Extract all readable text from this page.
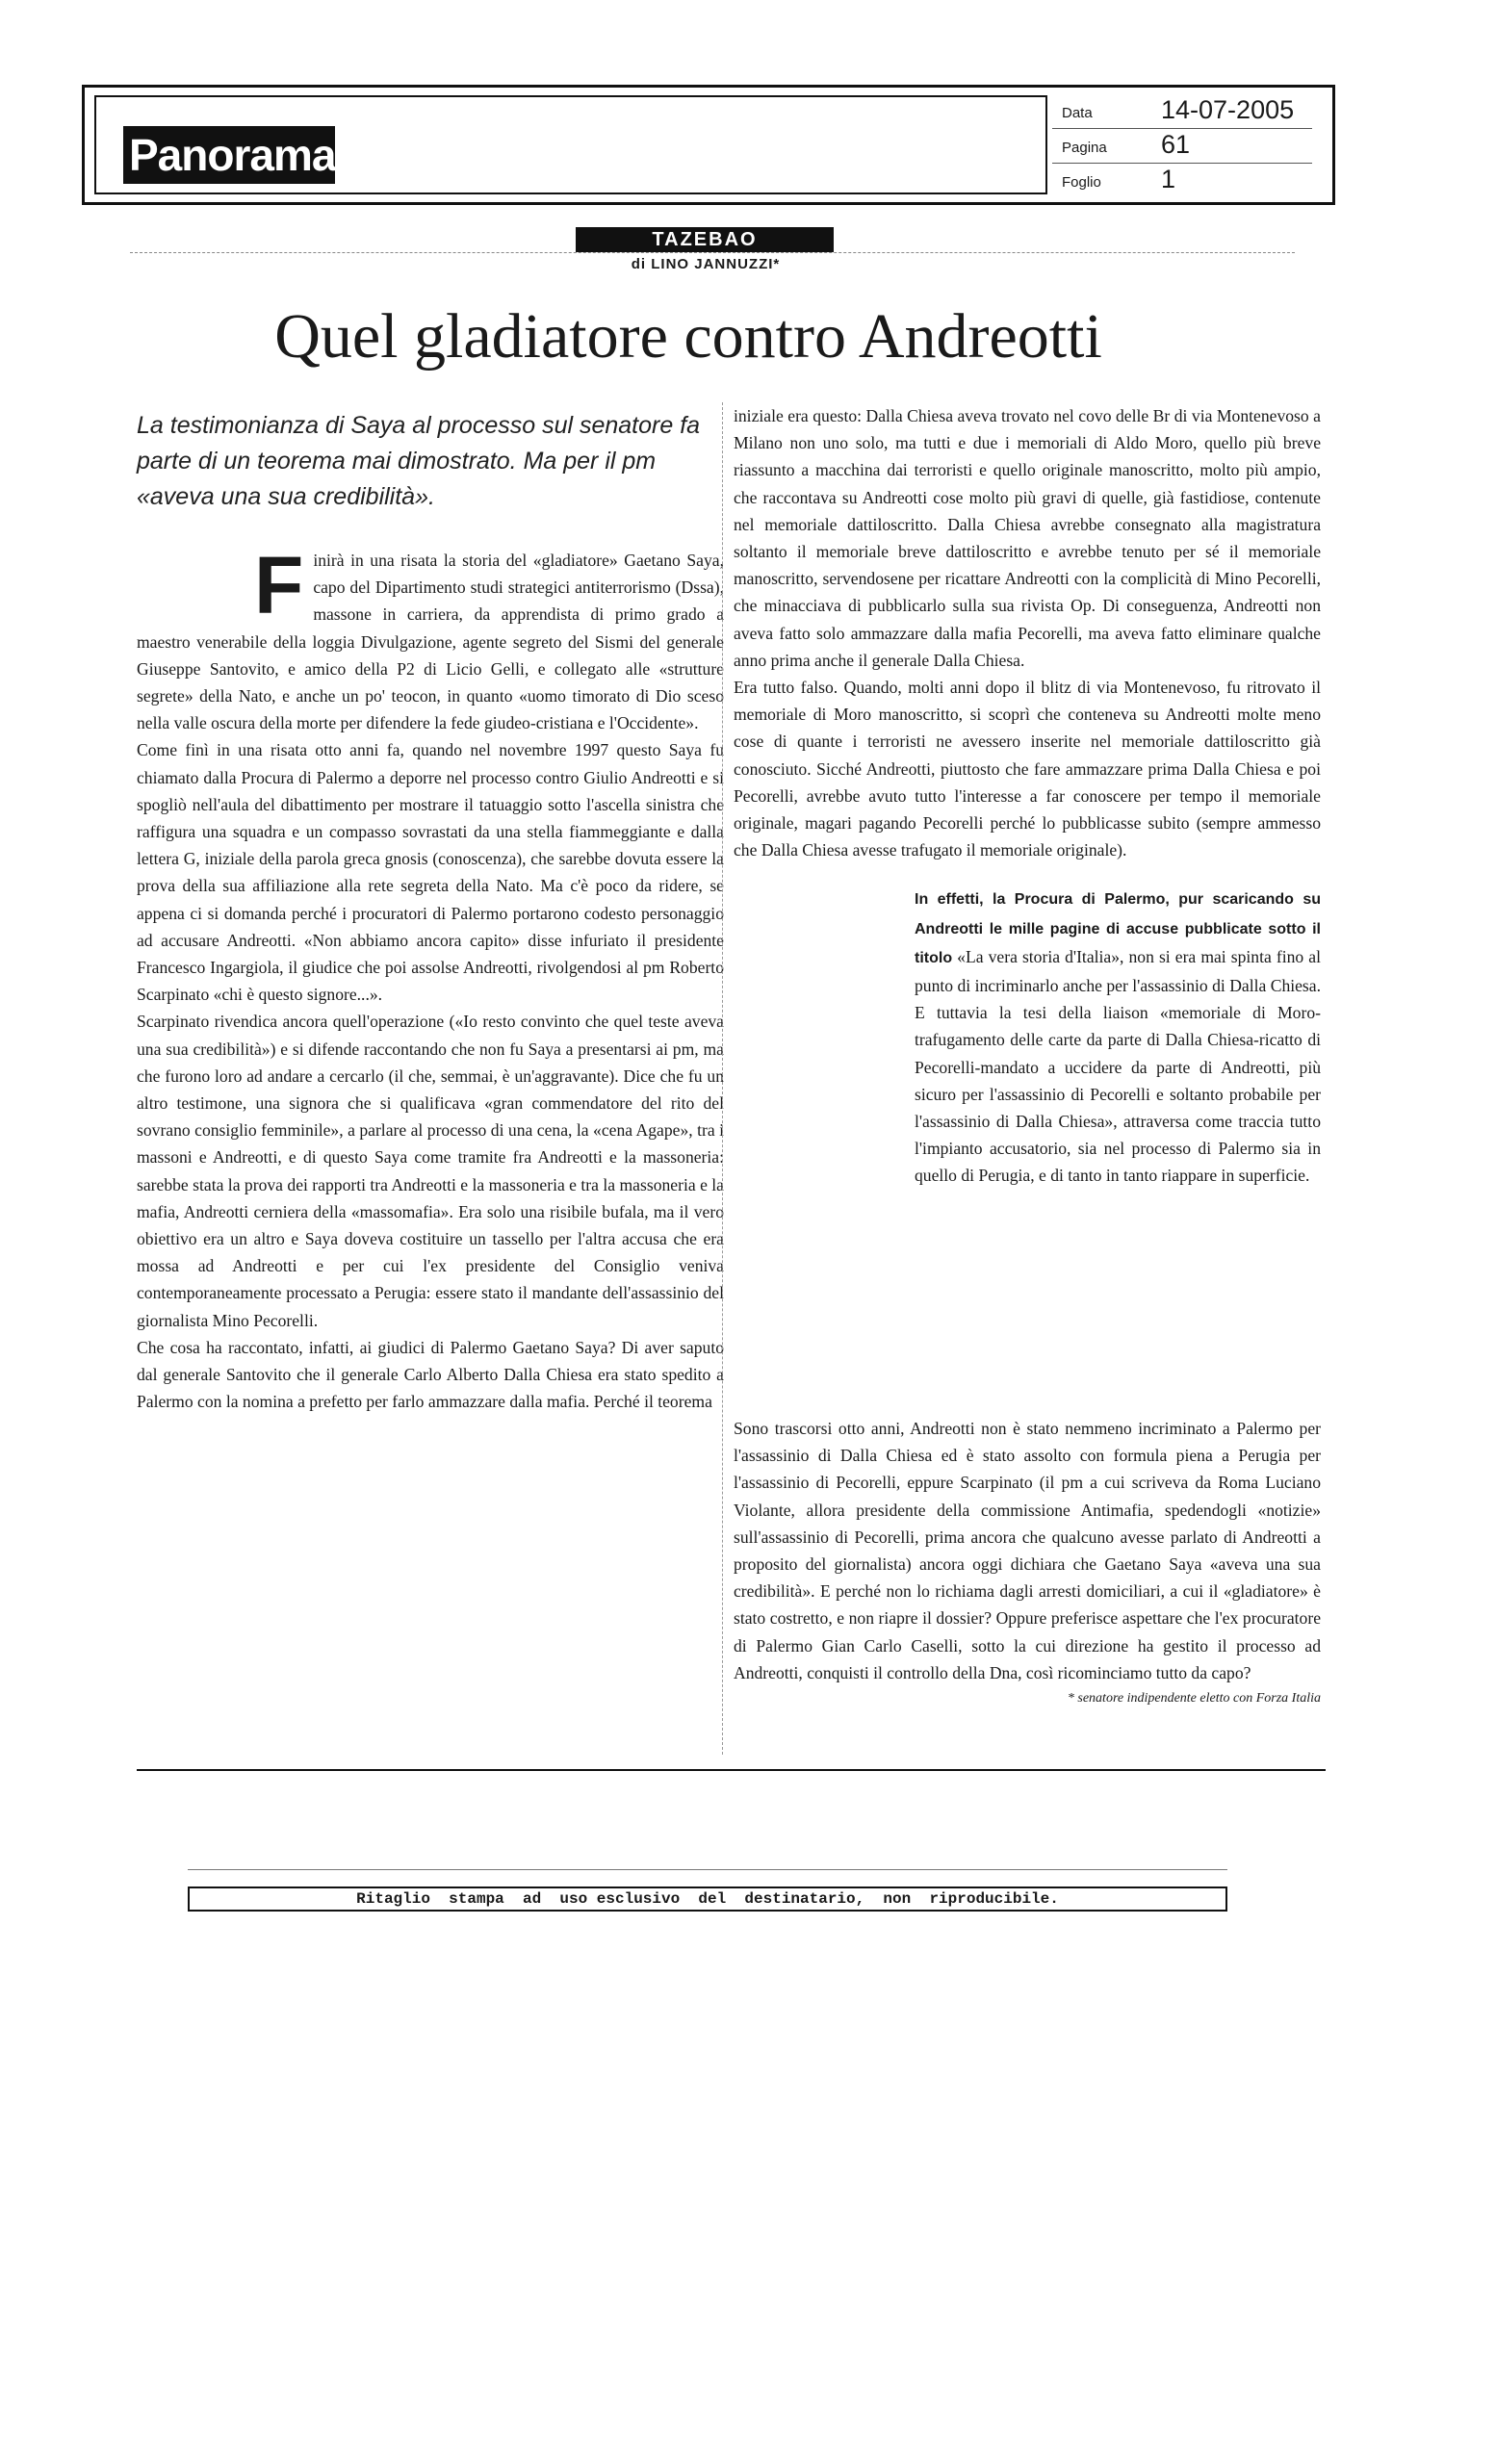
Panorama
Data	14-07-2005
Pagina 61
Foglio 1
TAZEBAO
di LINO JANNUZZI*
Quel gladiatore contro Andreotti
La testimonianza di Saya al processo sul senatore fa parte di un teorema mai dimostrato. Ma per il pm «aveva una sua credibilità».

Finirà in una risata la storia del «gladiatore» Gaetano Saya, capo del Dipartimento studi strategici antiterrorismo (Dssa), massone in carriera, da apprendista di primo grado a maestro venerabile della loggia Divulgazione, agente segreto del Sismi del generale Giuseppe Santovito, e amico della P2 di Licio Gelli, e collegato alle «strutture segrete» della Nato, e anche un po' teocon, in quanto «uomo timorato di Dio sceso nella valle oscura della morte per difendere la fede giudeo-cristiana e l'Occidente».

Come finì in una risata otto anni fa, quando nel novembre 1997 questo Saya fu chiamato dalla Procura di Palermo a deporre nel processo contro Giulio Andreotti e si spogliò nell'aula del dibattimento per mostrare il tatuaggio sotto l'ascella sinistra che raffigura una squadra e un compasso sovrastati da una stella fiammeggiante e dalla lettera G, iniziale della parola greca gnosis (conoscenza), che sarebbe dovuta essere la prova della sua affiliazione alla rete segreta della Nato. Ma c'è poco da ridere, se appena ci si domanda perché i procuratori di Palermo portarono codesto personaggio ad accusare Andreotti. «Non abbiamo ancora capito» disse infuriato il presidente Francesco Ingargiola, il giudice che poi assolse Andreotti, rivolgendosi al pm Roberto Scarpinato «chi è questo signore...».

Scarpinato rivendica ancora quell'operazione («Io resto convinto che quel teste aveva una sua credibilità») e si difende raccontando che non fu Saya a presentarsi ai pm, ma che furono loro ad andare a cercarlo (il che, semmai, è un'aggravante). Dice che fu un altro testimone, una signora che si qualificava «gran commendatore del rito del sovrano consiglio femminile», a parlare al processo di una cena, la «cena Agape», tra i massoni e Andreotti, e di questo Saya come tramite fra Andreotti e la massoneria: sarebbe stata la prova dei rapporti tra Andreotti e la massoneria e tra la massoneria e la mafia, Andreotti cerniera della «massomafia». Era solo una risibile bufala, ma il vero obiettivo era un altro e Saya doveva costituire un tassello per l'altra accusa che era mossa ad Andreotti e per cui l'ex presidente del Consiglio veniva contemporaneamente processato a Perugia: essere stato il mandante dell'assassinio del giornalista Mino Pecorelli.

Che cosa ha raccontato, infatti, ai giudici di Palermo Gaetano Saya? Di aver saputo dal generale Santovito che il generale Carlo Alberto Dalla Chiesa era stato spedito a Palermo con la nomina a prefetto per farlo ammazzare dalla mafia. Perché il teorema

iniziale era questo: Dalla Chiesa aveva trovato nel covo delle Br di via Montenevoso a Milano non uno solo, ma tutti e due i memoriali di Aldo Moro, quello più breve riassunto a macchina dai terroristi e quello originale manoscritto, molto più ampio, che raccontava su Andreotti cose molto più gravi di quelle, già fastidiose, contenute nel memoriale dattiloscritto. Dalla Chiesa avrebbe consegnato alla magistratura soltanto il memoriale breve dattiloscritto e avrebbe tenuto per sé il memoriale manoscritto, servendosene per ricattare Andreotti con la complicità di Mino Pecorelli, che minacciava di pubblicarlo sulla sua rivista Op. Di conseguenza, Andreotti non aveva fatto solo ammazzare dalla mafia Pecorelli, ma aveva fatto eliminare qualche anno prima anche il generale Dalla Chiesa.

Era tutto falso. Quando, molti anni dopo il blitz di via Montenevoso, fu ritrovato il memoriale di Moro manoscritto, si scoprì che conteneva su Andreotti molte meno cose di quante i terroristi ne avessero inserite nel memoriale dattiloscritto già conosciuto. Sicché Andreotti, piuttosto che fare ammazzare prima Dalla Chiesa e poi Pecorelli, avrebbe avuto tutto l'interesse a far conoscere per tempo il memoriale originale, magari pagando Pecorelli perché lo pubblicasse subito (sempre ammesso che Dalla Chiesa avesse trafugato il memoriale originale).

In effetti, la Procura di Palermo, pur scaricando su Andreotti le mille pagine di accuse pubblicate sotto il titolo «La vera storia d'Italia», non si era mai spinta fino al punto di incriminarlo anche per l'assassinio di Dalla Chiesa. E tuttavia la tesi della liaison «memoriale di Moro-trafugamento delle carte da parte di Dalla Chiesa-ricatto di Pecorelli-mandato a uccidere da parte di Andreotti, più sicuro per l'assassinio di Pecorelli e soltanto probabile per l'assassinio di Dalla Chiesa», attraversa come traccia tutto l'impianto accusatorio, sia nel processo di Palermo sia in quello di Perugia, e di tanto in tanto riappare in superficie.

Sono trascorsi otto anni, Andreotti non è stato nemmeno incriminato a Palermo per l'assassinio di Dalla Chiesa ed è stato assolto con formula piena a Perugia per l'assassinio di Pecorelli, eppure Scarpinato (il pm a cui scriveva da Roma Luciano Violante, allora presidente della commissione Antimafia, spedendogli «notizie» sull'assassinio di Pecorelli, prima ancora che qualcuno avesse parlato di Andreotti a proposito del giornalista) ancora oggi dichiara che Gaetano Saya «aveva una sua credibilità». E perché non lo richiama dagli arresti domiciliari, a cui il «gladiatore» è stato costretto, e non riapre il dossier? Oppure preferisce aspettare che l'ex procuratore di Palermo Gian Carlo Caselli, sotto la cui direzione ha gestito il processo ad Andreotti, conquisti il controllo della Dna, così ricominciamo tutto da capo?

* senatore indipendente eletto con Forza Italia

Ritaglio  stampa  ad  uso esclusivo  del  destinatario,  non  riproducibile.
